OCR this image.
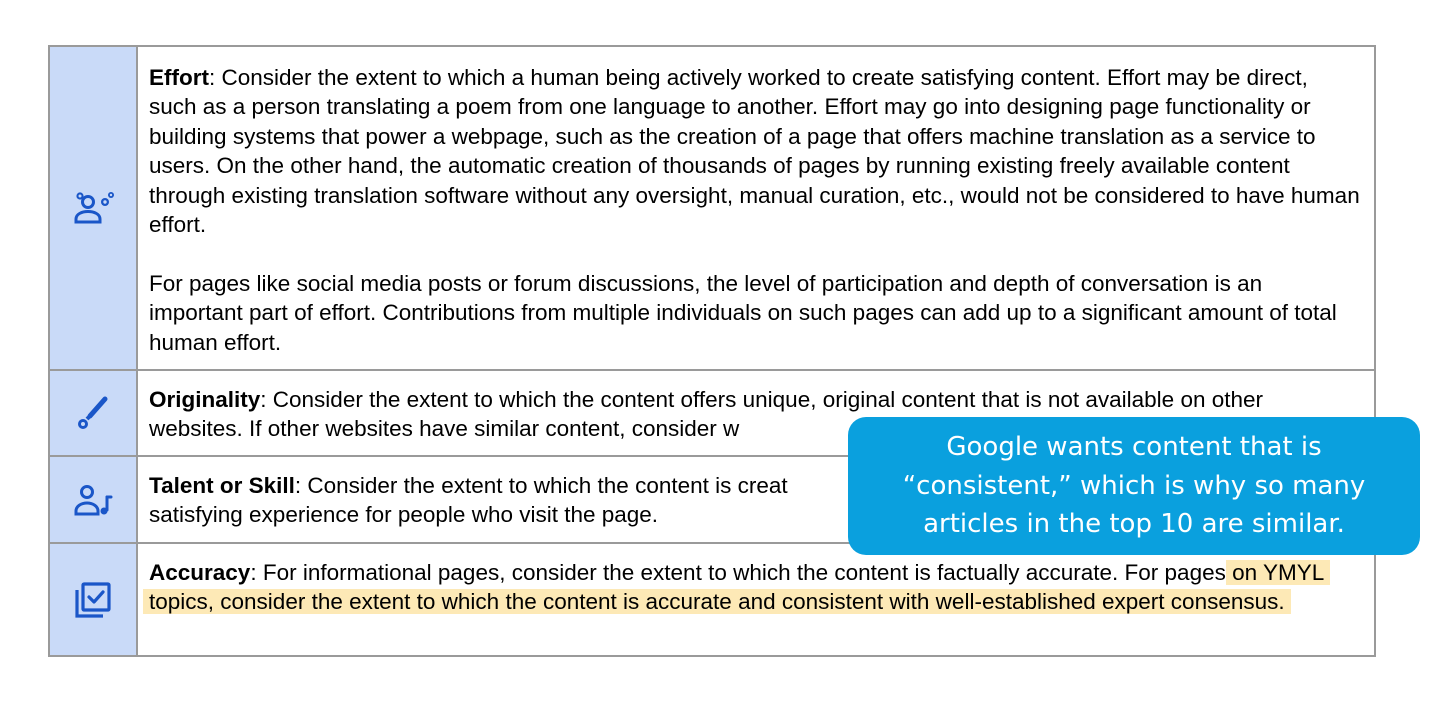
Effort: Consider the extent to which a human being actively worked to create satisfying content. Effort may be direct, such as a person translating a poem from one language to another. Effort may go into designing page functionality or building systems that power a webpage, such as the creation of a page that offers machine translation as a service to users. On the other hand, the automatic creation of thousands of pages by running existing freely available content through existing translation software without any oversight, manual curation, etc., would not be considered to have human effort.

For pages like social media posts or forum discussions, the level of participation and depth of conversation is an important part of effort. Contributions from multiple individuals on such pages can add up to a significant amount of total human effort.

Originality: Consider the extent to which the content offers unique, original content that is not available on other websites. If other websites have similar content, consider w

Talent or Skill: Consider the extent to which the content is creat
satisfying experience for people who visit the page.

Accuracy: For informational pages, consider the extent to which the content is factually accurate. For pages on YMYL topics, consider the extent to which the content is accurate and consistent with well-established expert consensus.

Google wants content that is
“consistent,” which is why so many
articles in the top 10 are similar.
